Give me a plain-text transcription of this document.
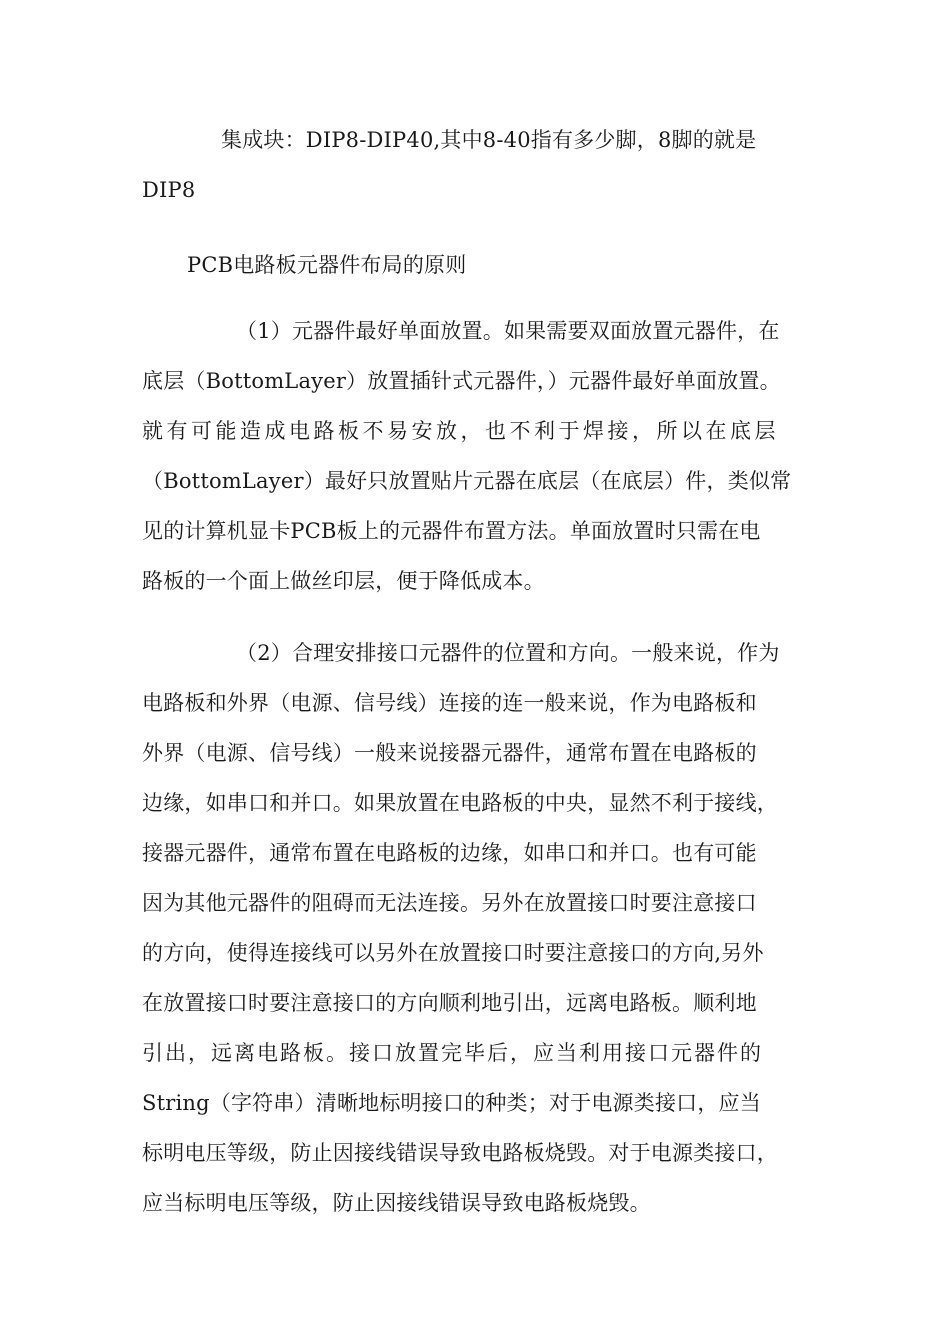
集成块：DIP8-DIP40,其中8-40指有多少脚，8脚的就是
DIP8
PCB电路板元器件布局的原则
（1）元器件最好单面放置。如果需要双面放置元器件，在
底层（BottomLayer）放置插针式元器件，）元器件最好单面放置。
就有可能造成电路板不易安放，也不利于焊接，所以在底层
（BottomLayer）最好只放置贴片元器在底层（在底层）件，类似常
见的计算机显卡PCB板上的元器件布置方法。单面放置时只需在电
路板的一个面上做丝印层，便于降低成本。
（2）合理安排接口元器件的位置和方向。一般来说，作为
电路板和外界（电源、信号线）连接的连一般来说，作为电路板和
外界（电源、信号线）一般来说接器元器件，通常布置在电路板的
边缘，如串口和并口。如果放置在电路板的中央，显然不利于接线，
接器元器件，通常布置在电路板的边缘，如串口和并口。也有可能
因为其他元器件的阻碍而无法连接。另外在放置接口时要注意接口
的方向，使得连接线可以另外在放置接口时要注意接口的方向,另外
在放置接口时要注意接口的方向顺利地引出，远离电路板。顺利地
引出，远离电路板。接口放置完毕后，应当利用接口元器件的
String（字符串）清晰地标明接口的种类；对于电源类接口，应当
标明电压等级，防止因接线错误导致电路板烧毁。对于电源类接口，
应当标明电压等级，防止因接线错误导致电路板烧毁。
